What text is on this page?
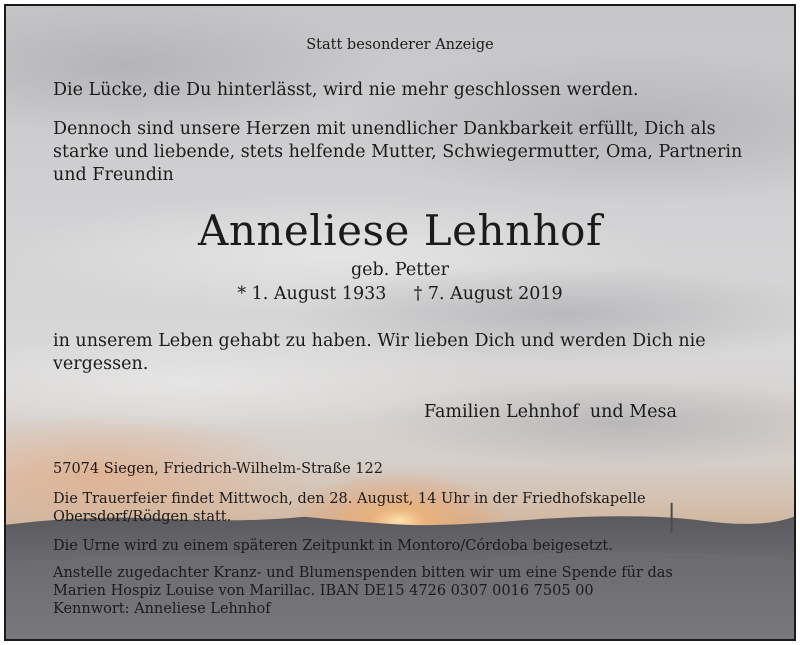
Statt besonderer Anzeige
Die Lücke, die Du hinterlässt, wird nie mehr geschlossen werden.
Dennoch sind unsere Herzen mit unendlicher Dankbarkeit erfüllt, Dich als
starke und liebende, stets helfende Mutter, Schwiegermutter, Oma, Partnerin
und Freundin
Anneliese Lehnhof
geb. Petter
* 1. August 1933 † 7. August 2019
in unserem Leben gehabt zu haben. Wir lieben Dich und werden Dich nie
vergessen.
Familien Lehnhof  und Mesa
57074 Siegen, Friedrich-Wilhelm-Straße 122
Die Trauerfeier findet Mittwoch, den 28. August, 14 Uhr in der Friedhofskapelle
Obersdorf/Rödgen statt.
Die Urne wird zu einem späteren Zeitpunkt in Montoro/Córdoba beigesetzt.
Anstelle zugedachter Kranz- und Blumenspenden bitten wir um eine Spende für das
Marien Hospiz Louise von Marillac. IBAN DE15 4726 0307 0016 7505 00
Kennwort: Anneliese Lehnhof
